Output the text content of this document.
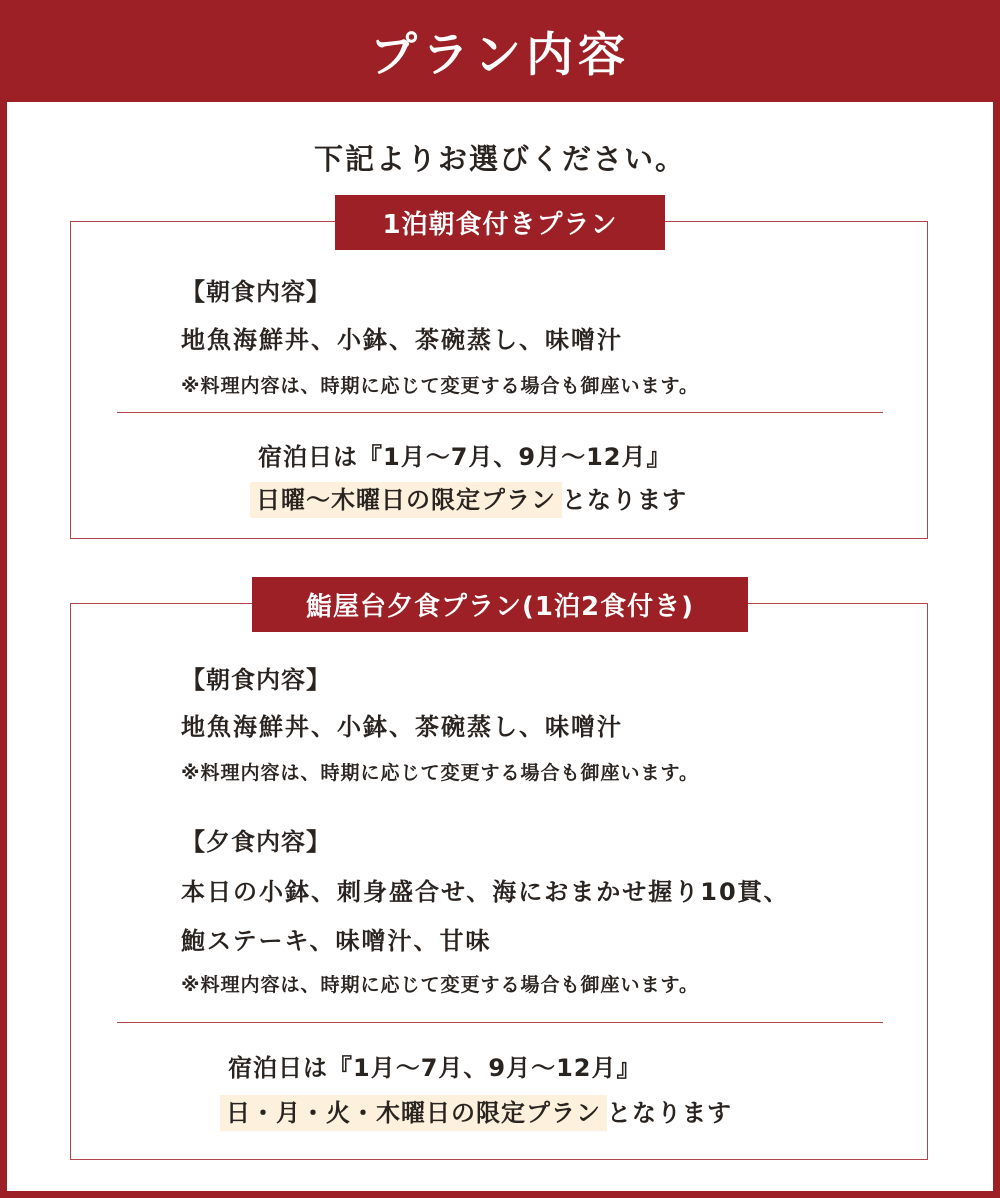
プラン内容
下記よりお選びください。
1泊朝食付きプラン
【朝食内容】
地魚海鮮丼、小鉢、茶碗蒸し、味噌汁
※料理内容は、時期に応じて変更する場合も御座います。
宿泊日は『1月〜7月、9月〜12月』
日曜〜木曜日の限定プラン となります
鮨屋台夕食プラン(1泊2食付き)
【朝食内容】
地魚海鮮丼、小鉢、茶碗蒸し、味噌汁
※料理内容は、時期に応じて変更する場合も御座います。
【夕食内容】
本日の小鉢、刺身盛合せ、海におまかせ握り10貫、
鮑ステーキ、味噌汁、甘味
※料理内容は、時期に応じて変更する場合も御座います。
宿泊日は『1月〜7月、9月〜12月』
日・月・火・木曜日の限定プラン となります
